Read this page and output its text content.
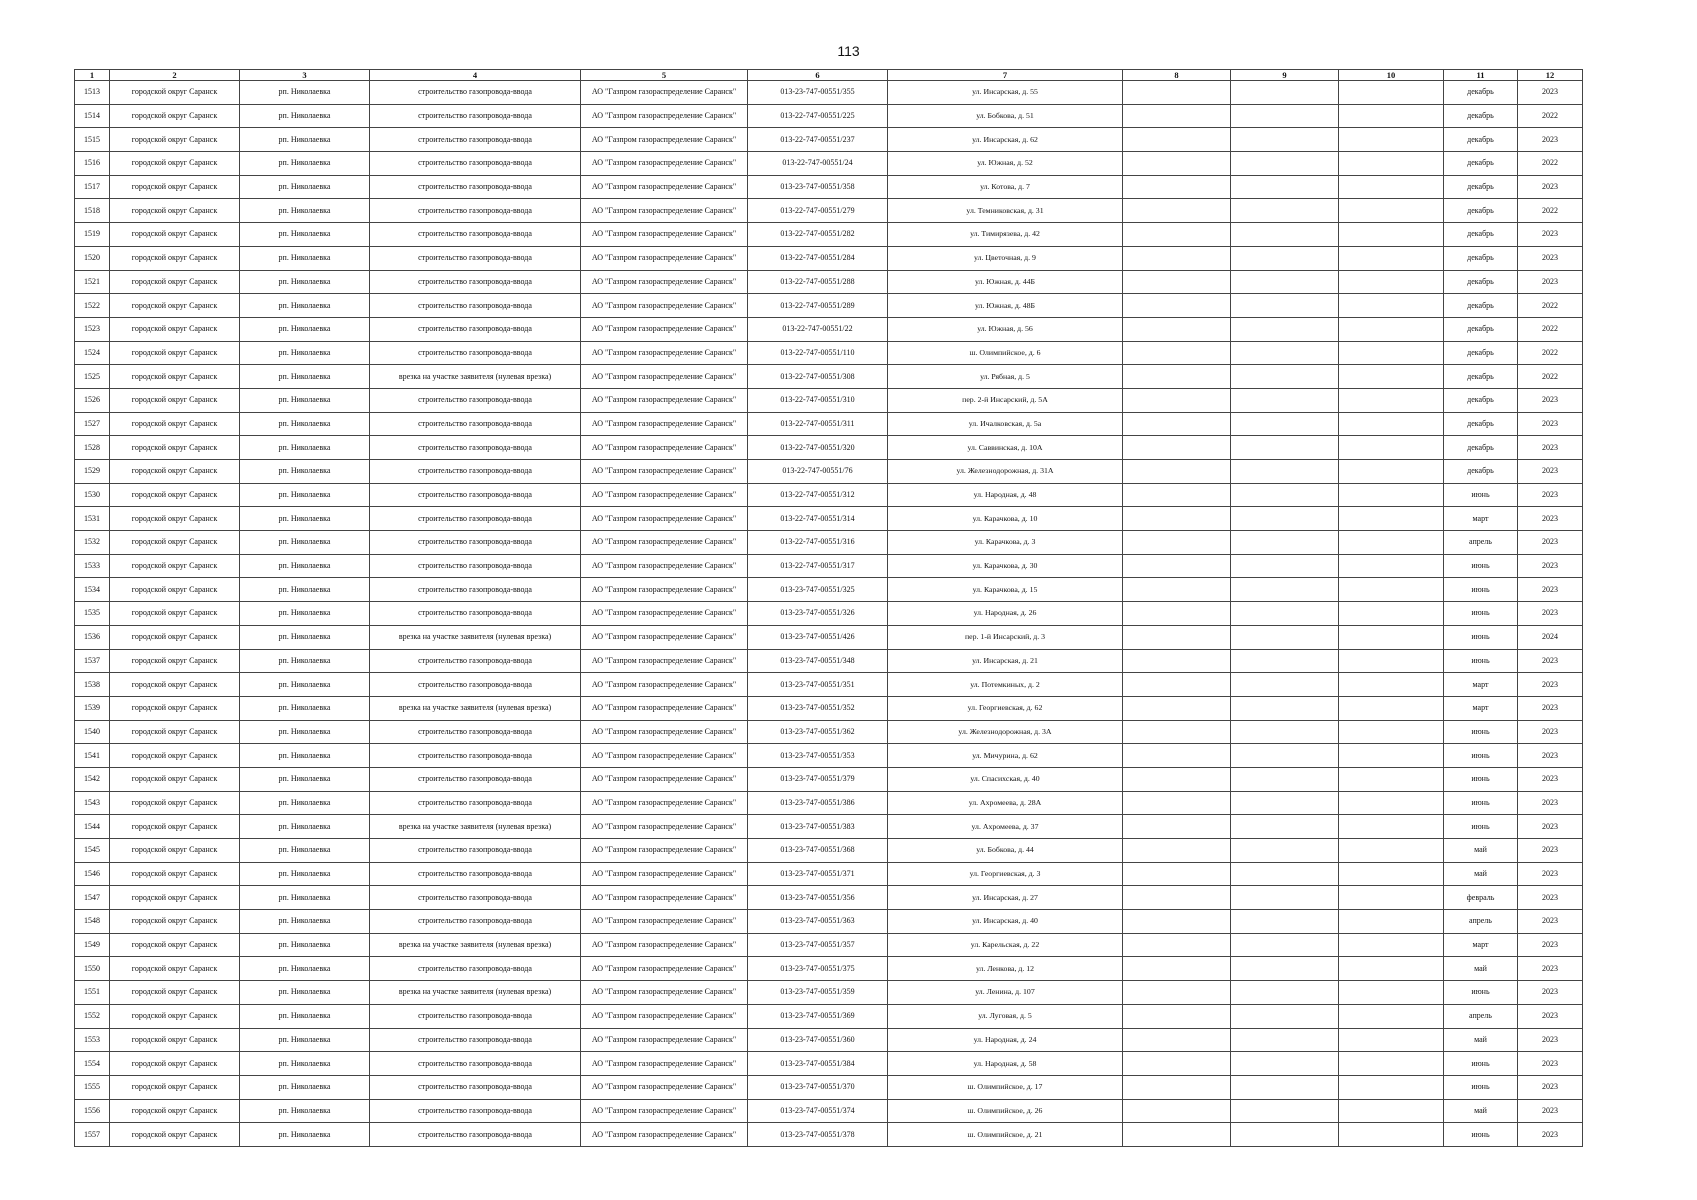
113
1	2	3	4	5	6	7	8	9	10	11	12
1513	городской округ Саранск	рп. Николаевка	строительство газопровода-ввода	АО "Газпром газораспределение Саранск"	013-23-747-00551/355	ул. Инсарская, д. 55				декабрь	2023
1514	городской округ Саранск	рп. Николаевка	строительство газопровода-ввода	АО "Газпром газораспределение Саранск"	013-22-747-00551/225	ул. Бобкова, д. 51				декабрь	2022
1515	городской округ Саранск	рп. Николаевка	строительство газопровода-ввода	АО "Газпром газораспределение Саранск"	013-22-747-00551/237	ул. Инсарская, д. 62				декабрь	2023
1516	городской округ Саранск	рп. Николаевка	строительство газопровода-ввода	АО "Газпром газораспределение Саранск"	013-22-747-00551/24	ул. Южная, д. 52				декабрь	2022
1517	городской округ Саранск	рп. Николаевка	строительство газопровода-ввода	АО "Газпром газораспределение Саранск"	013-23-747-00551/358	ул. Котова, д. 7				декабрь	2023
1518	городской округ Саранск	рп. Николаевка	строительство газопровода-ввода	АО "Газпром газораспределение Саранск"	013-22-747-00551/279	ул. Темниковская, д. 31				декабрь	2022
1519	городской округ Саранск	рп. Николаевка	строительство газопровода-ввода	АО "Газпром газораспределение Саранск"	013-22-747-00551/282	ул. Тимирязева, д. 42				декабрь	2023
1520	городской округ Саранск	рп. Николаевка	строительство газопровода-ввода	АО "Газпром газораспределение Саранск"	013-22-747-00551/284	ул. Цветочная, д. 9				декабрь	2023
1521	городской округ Саранск	рп. Николаевка	строительство газопровода-ввода	АО "Газпром газораспределение Саранск"	013-22-747-00551/288	ул. Южная, д. 44Б				декабрь	2023
1522	городской округ Саранск	рп. Николаевка	строительство газопровода-ввода	АО "Газпром газораспределение Саранск"	013-22-747-00551/289	ул. Южная, д. 48Б				декабрь	2022
1523	городской округ Саранск	рп. Николаевка	строительство газопровода-ввода	АО "Газпром газораспределение Саранск"	013-22-747-00551/22	ул. Южная, д. 56				декабрь	2022
1524	городской округ Саранск	рп. Николаевка	строительство газопровода-ввода	АО "Газпром газораспределение Саранск"	013-22-747-00551/110	ш. Олимпийское, д. 6				декабрь	2022
1525	городской округ Саранск	рп. Николаевка	врезка на участке заявителя (нулевая врезка)	АО "Газпром газораспределение Саранск"	013-22-747-00551/308	ул. Рябная, д. 5				декабрь	2022
1526	городской округ Саранск	рп. Николаевка	строительство газопровода-ввода	АО "Газпром газораспределение Саранск"	013-22-747-00551/310	пер. 2-й Инсарский, д. 5А				декабрь	2023
1527	городской округ Саранск	рп. Николаевка	строительство газопровода-ввода	АО "Газпром газораспределение Саранск"	013-22-747-00551/311	ул. Ичалковская, д. 5а				декабрь	2023
1528	городской округ Саранск	рп. Николаевка	строительство газопровода-ввода	АО "Газпром газораспределение Саранск"	013-22-747-00551/320	ул. Саввинская, д. 10А				декабрь	2023
1529	городской округ Саранск	рп. Николаевка	строительство газопровода-ввода	АО "Газпром газораспределение Саранск"	013-22-747-00551/76	ул. Железнодорожная, д. 31А				декабрь	2023
1530	городской округ Саранск	рп. Николаевка	строительство газопровода-ввода	АО "Газпром газораспределение Саранск"	013-22-747-00551/312	ул. Народная, д. 48				июнь	2023
1531	городской округ Саранск	рп. Николаевка	строительство газопровода-ввода	АО "Газпром газораспределение Саранск"	013-22-747-00551/314	ул. Карачкова, д. 10				март	2023
1532	городской округ Саранск	рп. Николаевка	строительство газопровода-ввода	АО "Газпром газораспределение Саранск"	013-22-747-00551/316	ул. Карачкова, д. 3				апрель	2023
1533	городской округ Саранск	рп. Николаевка	строительство газопровода-ввода	АО "Газпром газораспределение Саранск"	013-22-747-00551/317	ул. Карачкова, д. 30				июнь	2023
1534	городской округ Саранск	рп. Николаевка	строительство газопровода-ввода	АО "Газпром газораспределение Саранск"	013-23-747-00551/325	ул. Карачкова, д. 15				июнь	2023
1535	городской округ Саранск	рп. Николаевка	строительство газопровода-ввода	АО "Газпром газораспределение Саранск"	013-23-747-00551/326	ул. Народная, д. 26				июнь	2023
1536	городской округ Саранск	рп. Николаевка	врезка на участке заявителя (нулевая врезка)	АО "Газпром газораспределение Саранск"	013-23-747-00551/426	пер. 1-й Инсарский, д. 3				июнь	2024
1537	городской округ Саранск	рп. Николаевка	строительство газопровода-ввода	АО "Газпром газораспределение Саранск"	013-23-747-00551/348	ул. Инсарская, д. 21				июнь	2023
1538	городской округ Саранск	рп. Николаевка	строительство газопровода-ввода	АО "Газпром газораспределение Саранск"	013-23-747-00551/351	ул. Потемкиных, д. 2				март	2023
1539	городской округ Саранск	рп. Николаевка	врезка на участке заявителя (нулевая врезка)	АО "Газпром газораспределение Саранск"	013-23-747-00551/352	ул. Георгиевская, д. 62				март	2023
1540	городской округ Саранск	рп. Николаевка	строительство газопровода-ввода	АО "Газпром газораспределение Саранск"	013-23-747-00551/362	ул. Железнодорожная, д. 3А				июнь	2023
1541	городской округ Саранск	рп. Николаевка	строительство газопровода-ввода	АО "Газпром газораспределение Саранск"	013-23-747-00551/353	ул. Мичурина, д. 62				июнь	2023
1542	городской округ Саранск	рп. Николаевка	строительство газопровода-ввода	АО "Газпром газораспределение Саранск"	013-23-747-00551/379	ул. Спасихская, д. 40				июнь	2023
1543	городской округ Саранск	рп. Николаевка	строительство газопровода-ввода	АО "Газпром газораспределение Саранск"	013-23-747-00551/386	ул. Ахромеева, д. 28А				июнь	2023
1544	городской округ Саранск	рп. Николаевка	врезка на участке заявителя (нулевая врезка)	АО "Газпром газораспределение Саранск"	013-23-747-00551/383	ул. Ахромеева, д. 37				июнь	2023
1545	городской округ Саранск	рп. Николаевка	строительство газопровода-ввода	АО "Газпром газораспределение Саранск"	013-23-747-00551/368	ул. Бобкова, д. 44				май	2023
1546	городской округ Саранск	рп. Николаевка	строительство газопровода-ввода	АО "Газпром газораспределение Саранск"	013-23-747-00551/371	ул. Георгиевская, д. 3				май	2023
1547	городской округ Саранск	рп. Николаевка	строительство газопровода-ввода	АО "Газпром газораспределение Саранск"	013-23-747-00551/356	ул. Инсарская, д. 27				февраль	2023
1548	городской округ Саранск	рп. Николаевка	строительство газопровода-ввода	АО "Газпром газораспределение Саранск"	013-23-747-00551/363	ул. Инсарская, д. 40				апрель	2023
1549	городской округ Саранск	рп. Николаевка	врезка на участке заявителя (нулевая врезка)	АО "Газпром газораспределение Саранск"	013-23-747-00551/357	ул. Карельская, д. 22				март	2023
1550	городской округ Саранск	рп. Николаевка	строительство газопровода-ввода	АО "Газпром газораспределение Саранск"	013-23-747-00551/375	ул. Ленкова, д. 12				май	2023
1551	городской округ Саранск	рп. Николаевка	врезка на участке заявителя (нулевая врезка)	АО "Газпром газораспределение Саранск"	013-23-747-00551/359	ул. Ленина, д. 107				июнь	2023
1552	городской округ Саранск	рп. Николаевка	строительство газопровода-ввода	АО "Газпром газораспределение Саранск"	013-23-747-00551/369	ул. Луговая, д. 5				апрель	2023
1553	городской округ Саранск	рп. Николаевка	строительство газопровода-ввода	АО "Газпром газораспределение Саранск"	013-23-747-00551/360	ул. Народная, д. 24				май	2023
1554	городской округ Саранск	рп. Николаевка	строительство газопровода-ввода	АО "Газпром газораспределение Саранск"	013-23-747-00551/384	ул. Народная, д. 58				июнь	2023
1555	городской округ Саранск	рп. Николаевка	строительство газопровода-ввода	АО "Газпром газораспределение Саранск"	013-23-747-00551/370	ш. Олимпийское, д. 17				июнь	2023
1556	городской округ Саранск	рп. Николаевка	строительство газопровода-ввода	АО "Газпром газораспределение Саранск"	013-23-747-00551/374	ш. Олимпийское, д. 26				май	2023
1557	городской округ Саранск	рп. Николаевка	строительство газопровода-ввода	АО "Газпром газораспределение Саранск"	013-23-747-00551/378	ш. Олимпийское, д. 21				июнь	2023
